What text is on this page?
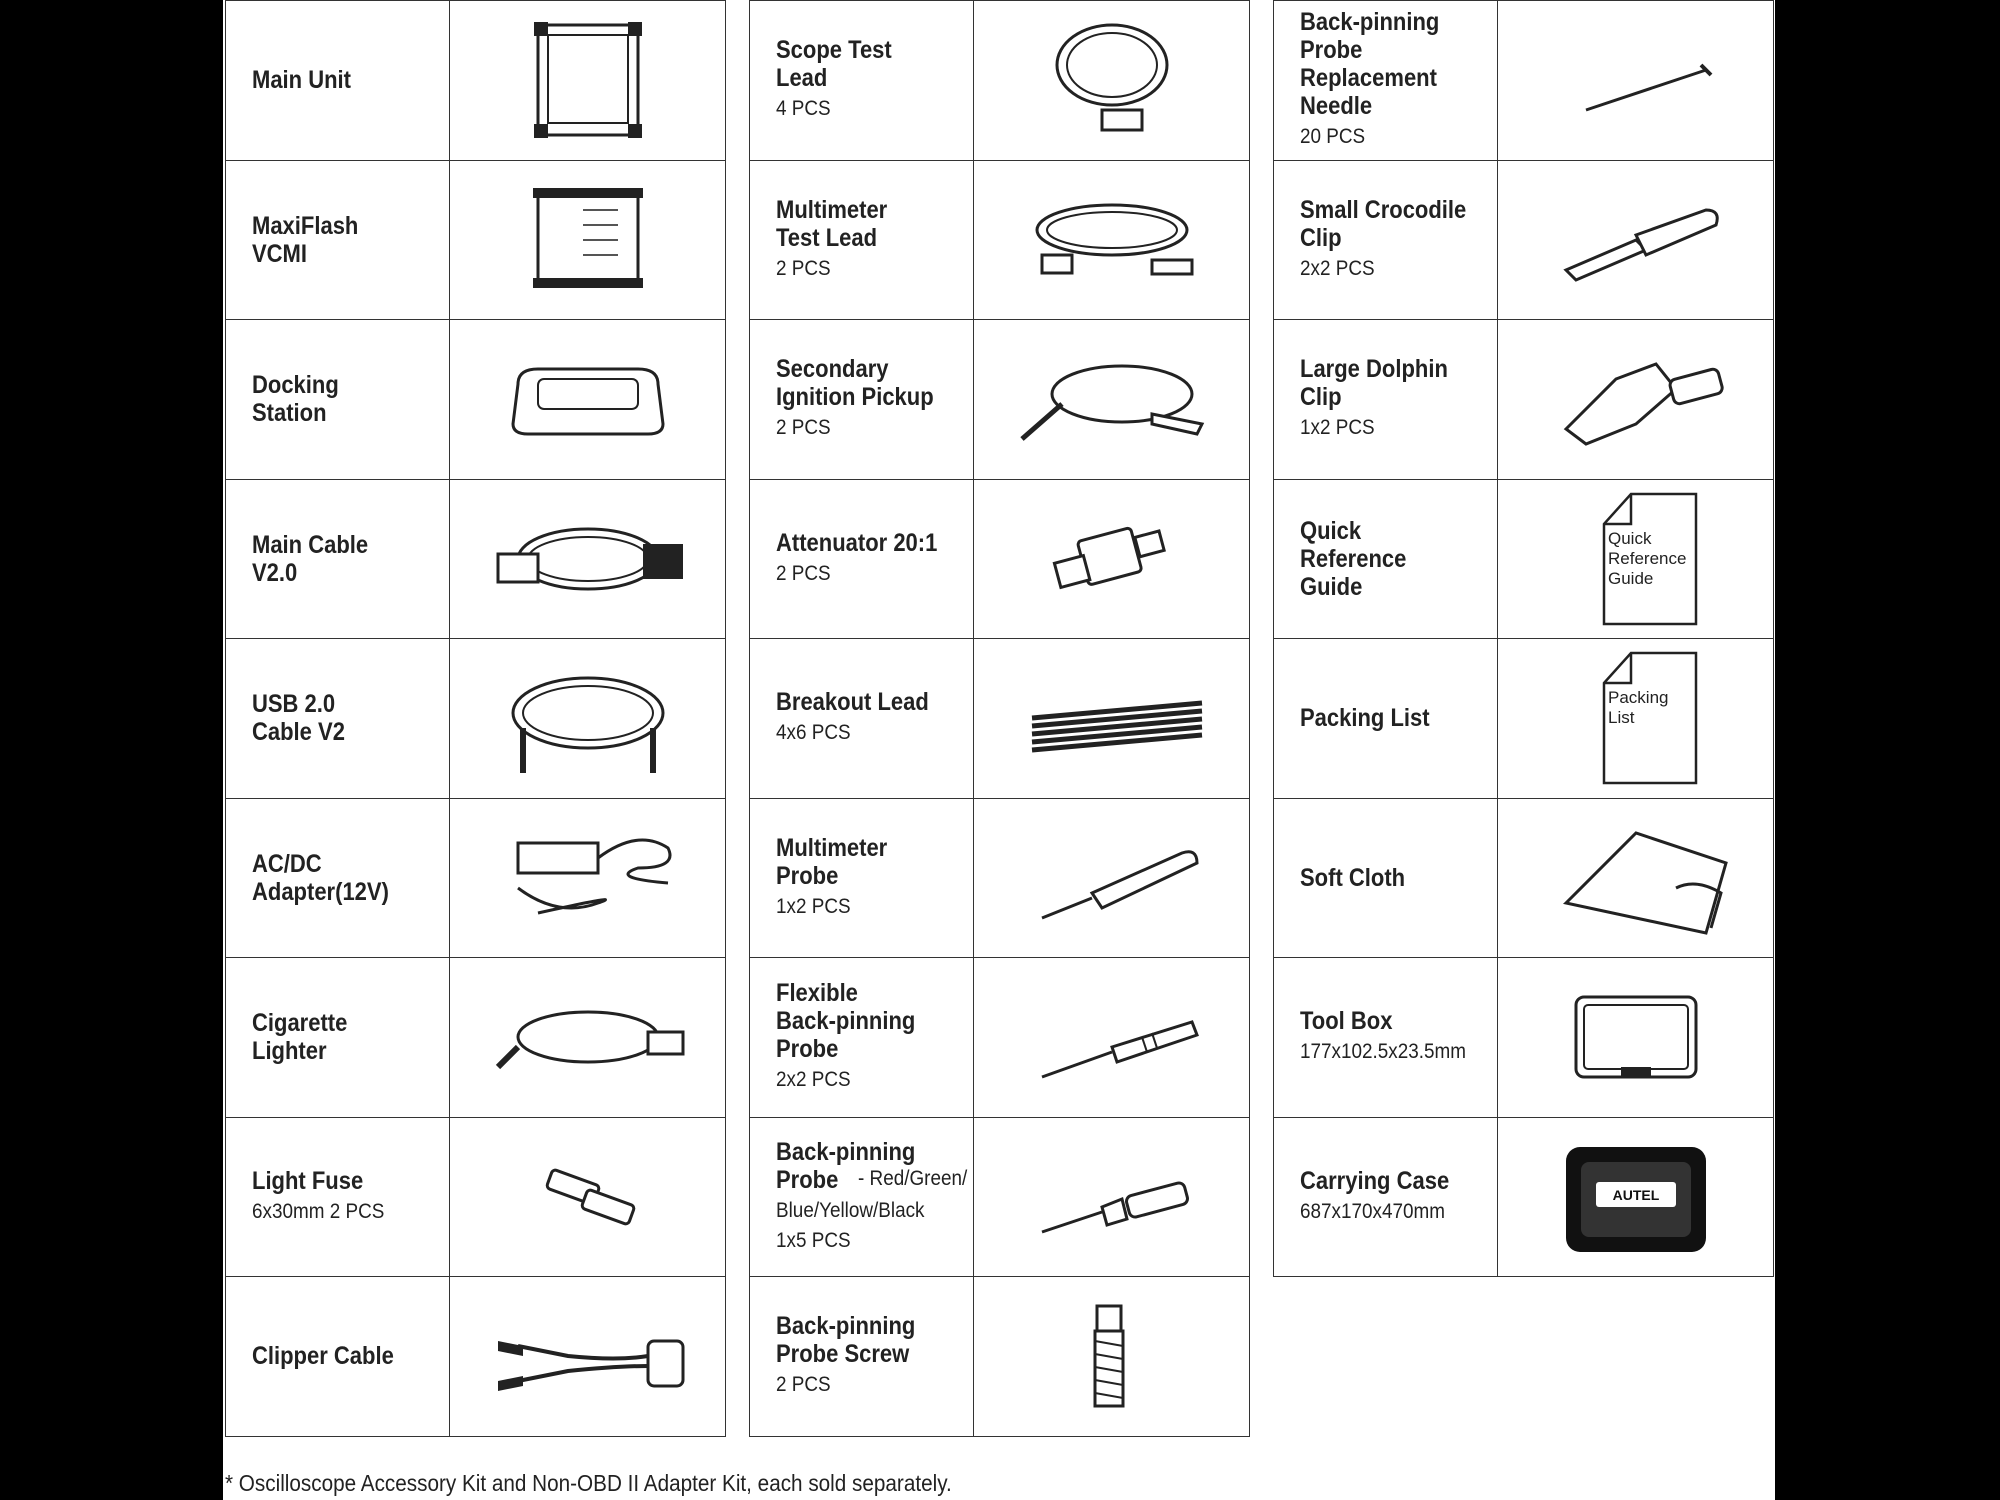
Main Unit
MaxiFlash VCMI
Docking Station
Main Cable V2.0
USB 2.0
Cable V2
AC/DC
Adapter(12V)
Cigarette Lighter
Light Fuse
6x30mm 2 PCS
Clipper Cable
Scope Test Lead
4 PCS
Multimeter
Test Lead
2 PCS
Secondary
Ignition Pickup
2 PCS
Attenuator 20:1
2 PCS
Breakout Lead
4x6 PCS
Multimeter
Probe
1x2 PCS
Flexible
Back-pinning
Probe
2x2 PCS
Back-pinning
Probe - Red/Green/
Blue/Yellow/Black
1x5 PCS
Back-pinning
Probe Screw
2 PCS
Back-pinning
Probe
Replacement
Needle
20 PCS
Small Crocodile
Clip
2x2 PCS
Large Dolphin
Clip
1x2 PCS
Quick Reference
Guide
Quick
Reference
Guide
Packing List
Packing
List
Soft Cloth
Tool Box
177x102.5x23.5mm
Carrying Case
687x170x470mm
AUTEL
* Oscilloscope Accessory Kit and Non-OBD II Adapter Kit, each sold separately.
